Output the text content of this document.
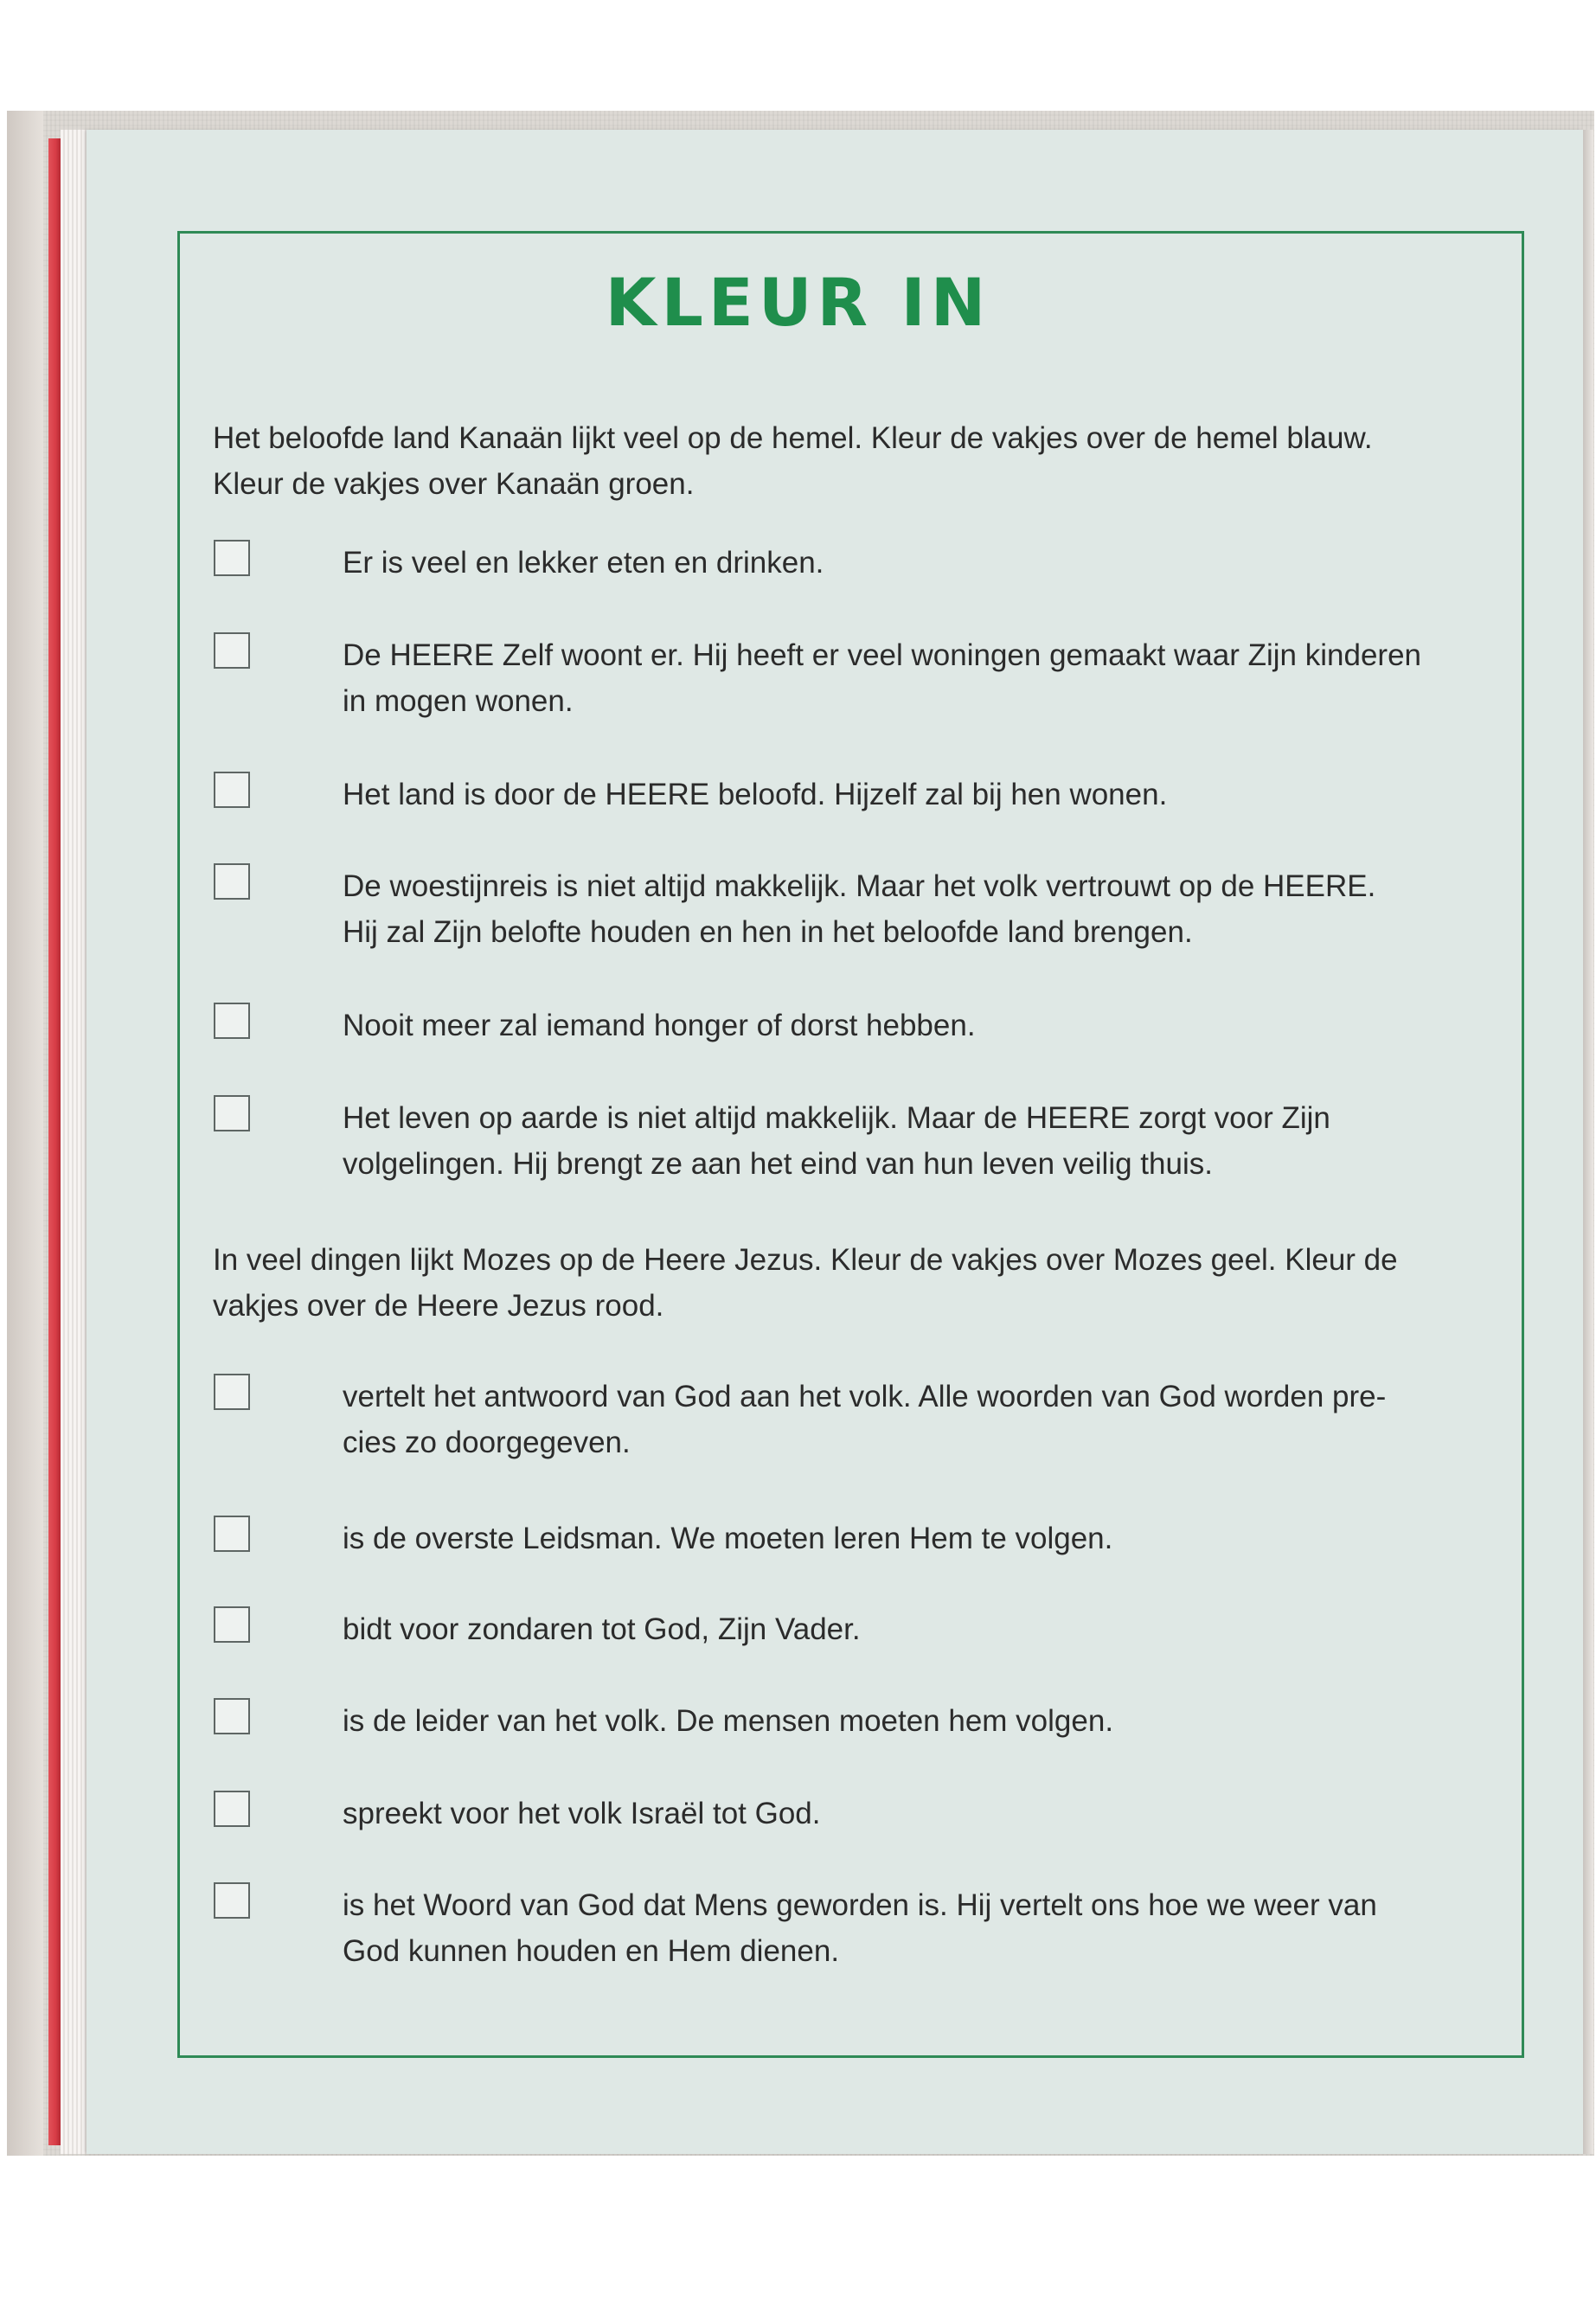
KLEUR IN
Het beloofde land Kanaän lijkt veel op de hemel. Kleur de vakjes over de hemel blauw.
Kleur de vakjes over Kanaän groen.
Er is veel en lekker eten en drinken.
De HEERE Zelf woont er. Hij heeft er veel woningen gemaakt waar Zijn kinderen
in mogen wonen.
Het land is door de HEERE beloofd. Hijzelf zal bij hen wonen.
De woestijnreis is niet altijd makkelijk. Maar het volk vertrouwt op de HEERE.
Hij zal Zijn belofte houden en hen in het beloofde land brengen.
Nooit meer zal iemand honger of dorst hebben.
Het leven op aarde is niet altijd makkelijk. Maar de HEERE zorgt voor Zijn
volgelingen. Hij brengt ze aan het eind van hun leven veilig thuis.
In veel dingen lijkt Mozes op de Heere Jezus. Kleur de vakjes over Mozes geel. Kleur de
vakjes over de Heere Jezus rood.
vertelt het antwoord van God aan het volk. Alle woorden van God worden pre-
cies zo doorgegeven.
is de overste Leidsman. We moeten leren Hem te volgen.
bidt voor zondaren tot God, Zijn Vader.
is de leider van het volk. De mensen moeten hem volgen.
spreekt voor het volk Israël tot God.
is het Woord van God dat Mens geworden is. Hij vertelt ons hoe we weer van
God kunnen houden en Hem dienen.
